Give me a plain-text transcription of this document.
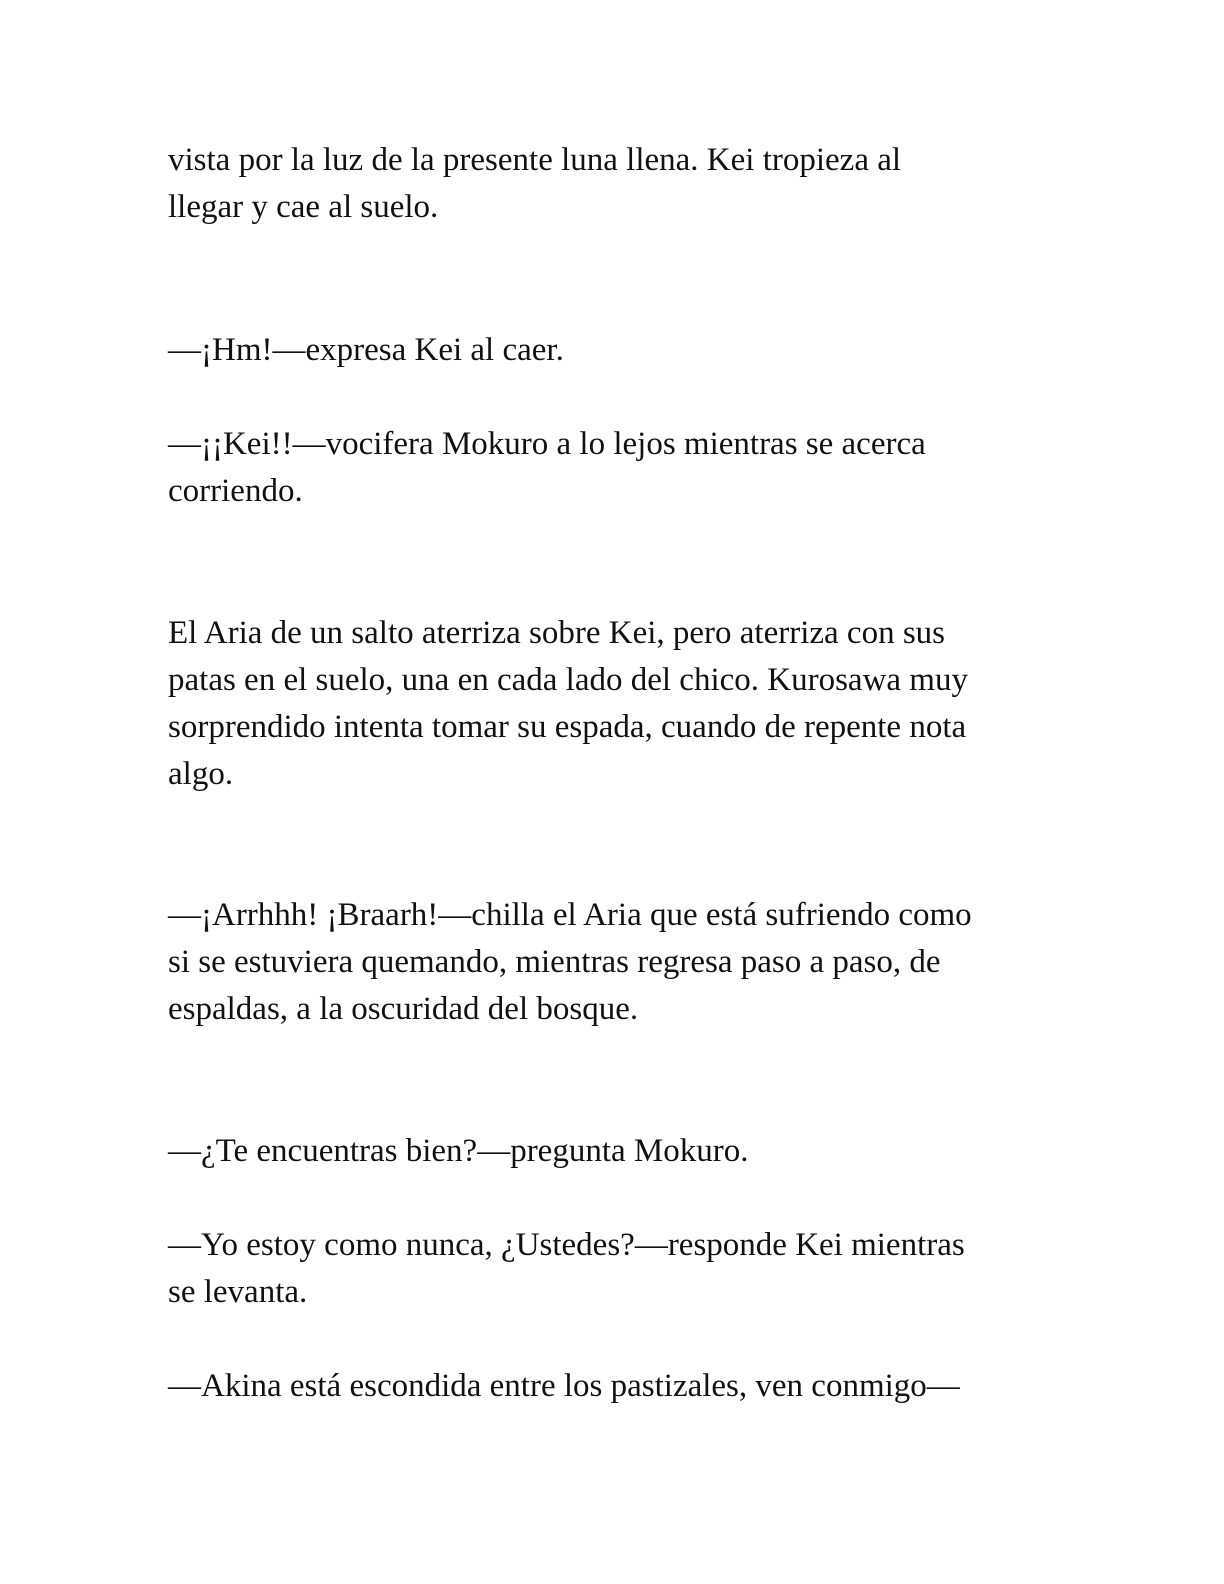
vista por la luz de la presente luna llena. Kei tropieza al
llegar y cae al suelo.

—¡Hm!—expresa Kei al caer.

—¡¡Kei!!—vocifera Mokuro a lo lejos mientras se acerca
corriendo.

El Aria de un salto aterriza sobre Kei, pero aterriza con sus
patas en el suelo, una en cada lado del chico. Kurosawa muy
sorprendido intenta tomar su espada, cuando de repente nota
algo.

—¡Arrhhh! ¡Braarh!—chilla el Aria que está sufriendo como
si se estuviera quemando, mientras regresa paso a paso, de
espaldas, a la oscuridad del bosque.

—¿Te encuentras bien?—pregunta Mokuro.

—Yo estoy como nunca, ¿Ustedes?—responde Kei mientras
se levanta.

—Akina está escondida entre los pastizales, ven conmigo—
